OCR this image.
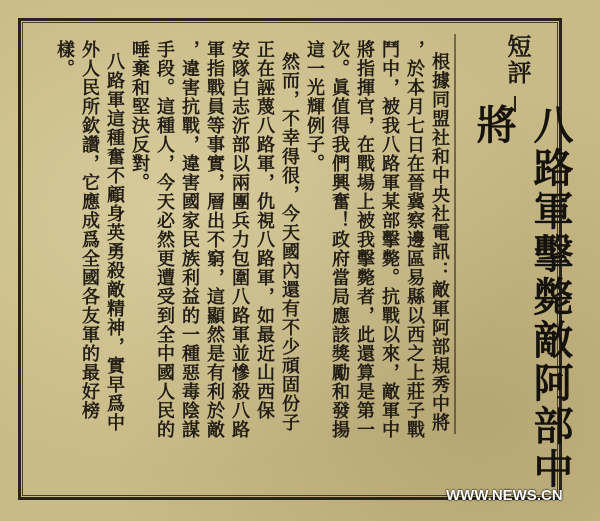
短評
八路軍擊斃敵阿部中將
根據同盟社和中央社電訊：敵軍阿部規秀中將
，於本月七日在晉冀察邊區易縣以西之上莊子戰
鬥中，被我八路軍某部擊斃。抗戰以來，敵軍中
將指揮官，在戰場上被我擊斃者，此還算是第一
次。眞值得我們興奮！政府當局應該獎勵和發揚
這一光輝例子。
然而，不幸得很，今天國內還有不少頑固份子
正在誣蔑八路軍，仇視八路軍，如最近山西保
安隊白志沂部以兩團兵力包圍八路軍並慘殺八路
軍指戰員等事實，層出不窮，這顯然是有利於敵
，違害抗戰，違害國家民族利益的一種惡毒陰謀
手段。這種人，今天必然更遭受到全中國人民的
唾棄和堅決反對。
八路軍這種奮不顧身英勇殺敵精神，實早爲中
外人民所欽讚，它應成爲全國各友軍的最好榜
樣。
WWW.NEWS.CN
